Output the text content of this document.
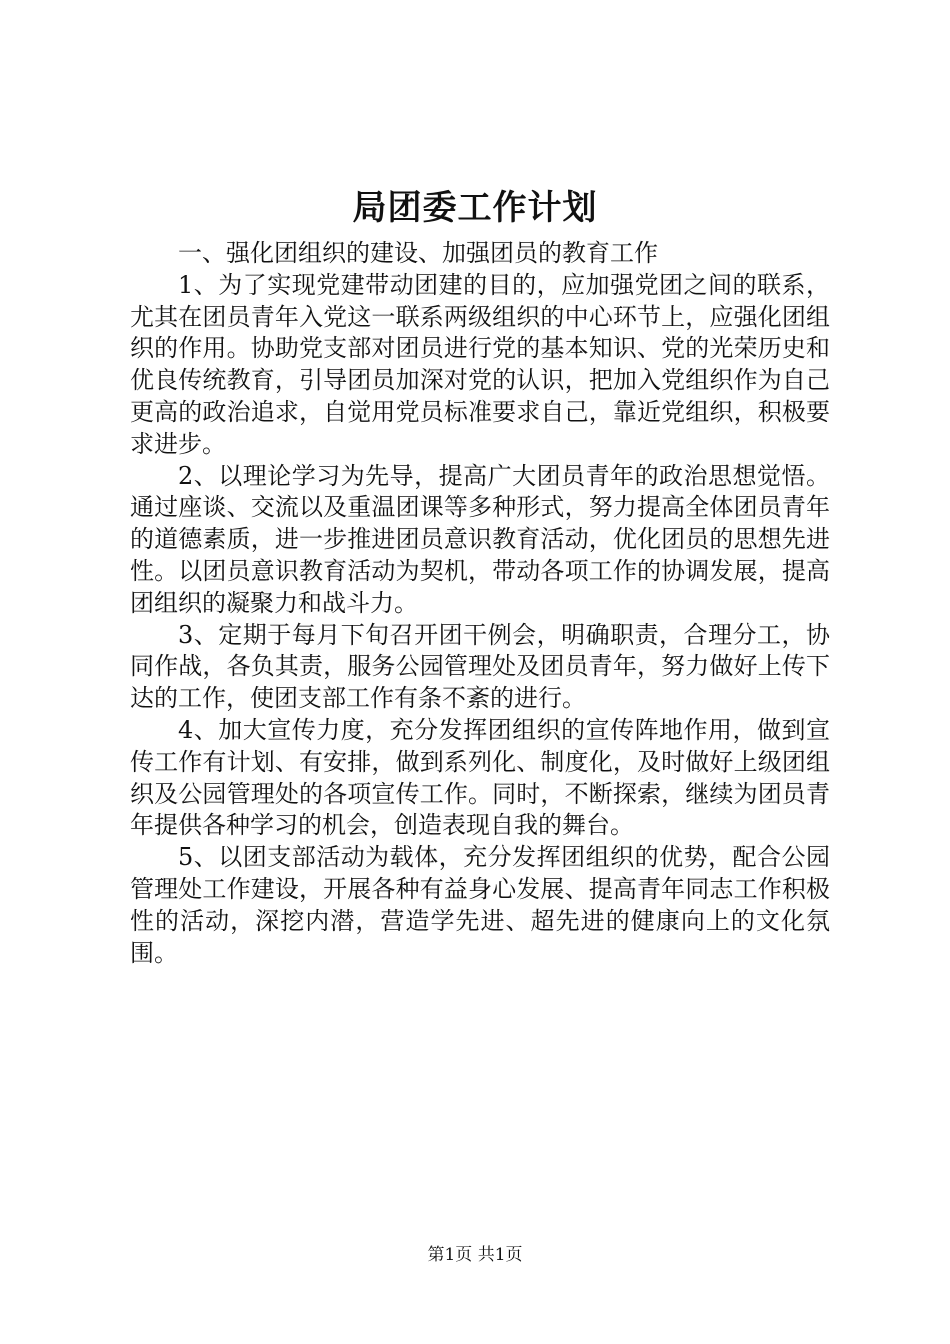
局团委工作计划

一、强化团组织的建设、加强团员的教育工作

1、为了实现党建带动团建的目的，应加强党团之间的联系，尤其在团员青年入党这一联系两级组织的中心环节上，应强化团组织的作用。协助党支部对团员进行党的基本知识、党的光荣历史和优良传统教育，引导团员加深对党的认识，把加入党组织作为自己更高的政治追求，自觉用党员标准要求自己，靠近党组织，积极要求进步。

2、以理论学习为先导，提高广大团员青年的政治思想觉悟。通过座谈、交流以及重温团课等多种形式，努力提高全体团员青年的道德素质，进一步推进团员意识教育活动，优化团员的思想先进性。以团员意识教育活动为契机，带动各项工作的协调发展，提高团组织的凝聚力和战斗力。

3、定期于每月下旬召开团干例会，明确职责，合理分工，协同作战，各负其责，服务公园管理处及团员青年，努力做好上传下达的工作，使团支部工作有条不紊的进行。

4、加大宣传力度，充分发挥团组织的宣传阵地作用，做到宣传工作有计划、有安排，做到系列化、制度化，及时做好上级团组织及公园管理处的各项宣传工作。同时，不断探索，继续为团员青年提供各种学习的机会，创造表现自我的舞台。

5、以团支部活动为载体，充分发挥团组织的优势，配合公园管理处工作建设，开展各种有益身心发展、提高青年同志工作积极性的活动，深挖内潜，营造学先进、超先进的健康向上的文化氛围。

第1页 共1页
